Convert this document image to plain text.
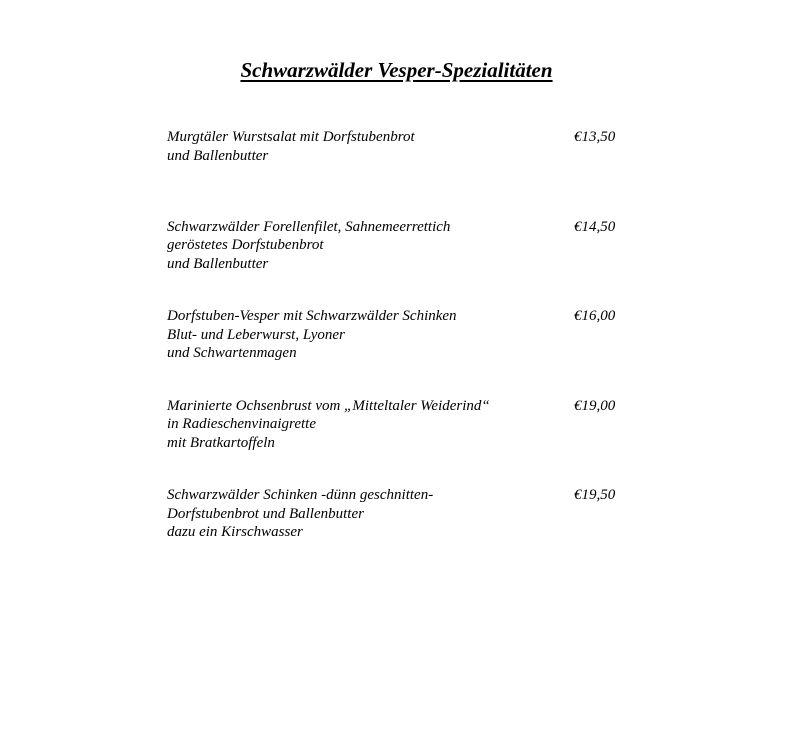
Schwarzwälder Vesper-Spezialitäten
Murgtäler Wurstsalat mit Dorfstubenbrot
und Ballenbutter
€13,50
Schwarzwälder Forellenfilet, Sahnemeerrettich
geröstetes Dorfstubenbrot
und Ballenbutter
€14,50
Dorfstuben-Vesper mit Schwarzwälder Schinken
Blut- und Leberwurst, Lyoner
und Schwartenmagen
€16,00
Marinierte Ochsenbrust vom „Mitteltaler Weiderind“
in Radieschenvinaigrette
mit Bratkartoffeln
€19,00
Schwarzwälder Schinken -dünn geschnitten-
Dorfstubenbrot und Ballenbutter
dazu ein Kirschwasser
€19,50
